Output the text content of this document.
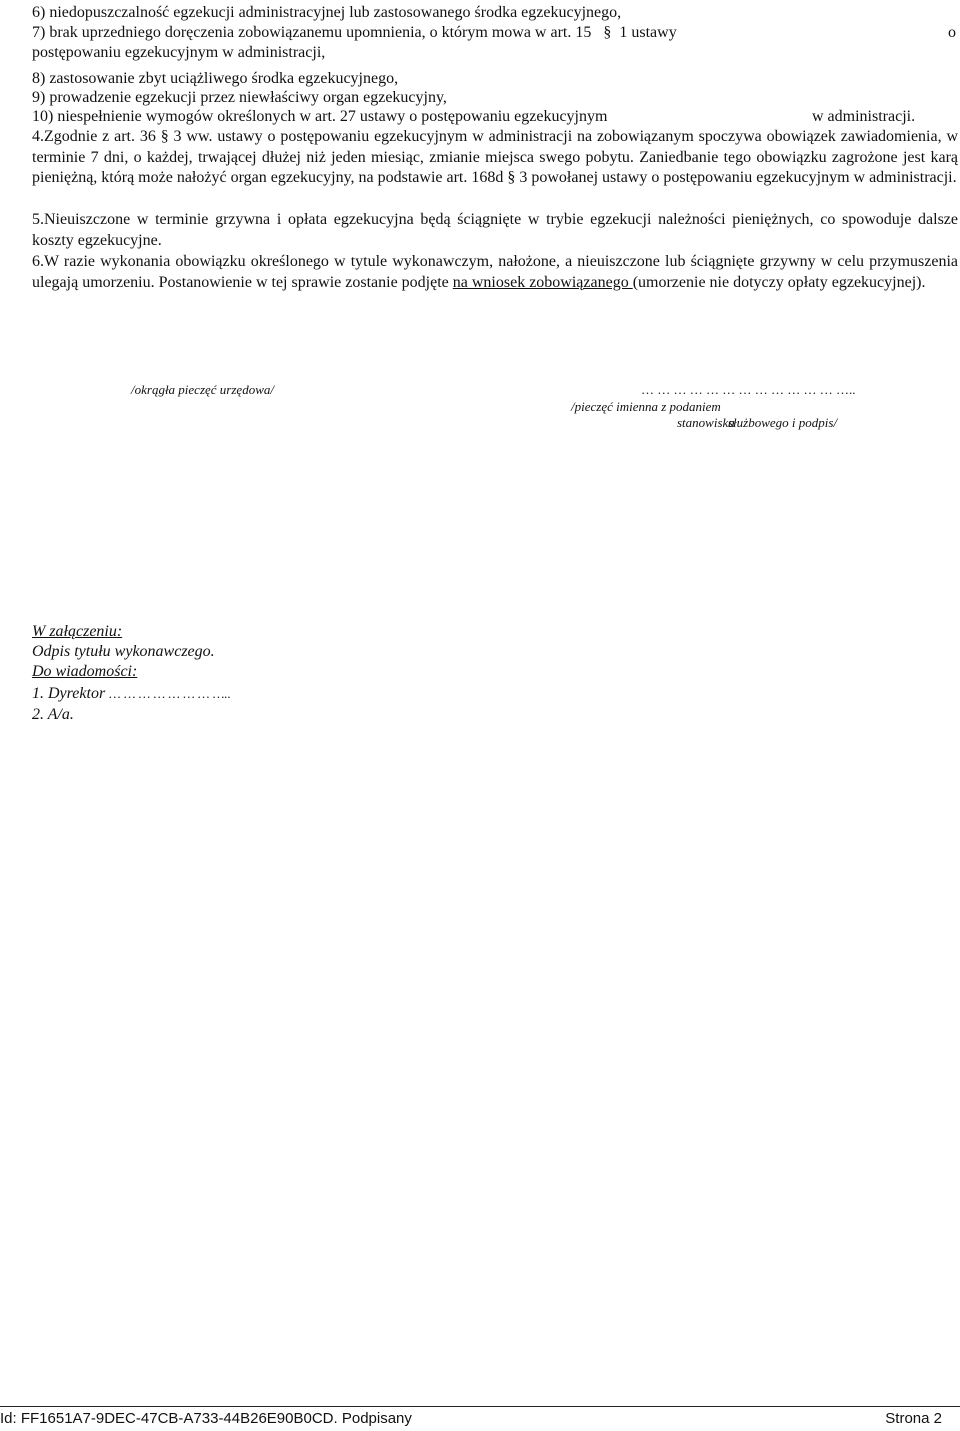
6) niedopuszczalność egzekucji administracyjnej lub zastosowanego środka egzekucyjnego,
7) brak uprzedniego doręczenia zobowiązanemu upomnienia, o którym mowa w art. 15 § 1 ustawy	o
postępowaniu egzekucyjnym w administracji,
8) zastosowanie zbyt uciążliwego środka egzekucyjnego,
9) prowadzenie egzekucji przez niewłaściwy organ egzekucyjny,
10) niespełnienie wymogów określonych w art. 27 ustawy o postępowaniu egzekucyjnym	w administracji.
4.Zgodnie z art. 36 § 3 ww. ustawy o postępowaniu egzekucyjnym w administracji na zobowiązanym spoczywa obowiązek zawiadomienia, w terminie 7 dni, o każdej, trwającej dłużej niż jeden miesiąc, zmianie miejsca swego pobytu. Zaniedbanie tego obowiązku zagrożone jest karą pieniężną, którą może nałożyć organ egzekucyjny, na podstawie art. 168d § 3 powołanej ustawy o postępowaniu egzekucyjnym w administracji.
5.Nieuiszczone w terminie grzywna i opłata egzekucyjna będą ściągnięte w trybie egzekucji należności pieniężnych, co spowoduje dalsze koszty egzekucyjne.
6.W razie wykonania obowiązku określonego w tytule wykonawczym, nałożone, a nieuiszczone lub ściągnięte grzywny w celu przymuszenia ulegają umorzeniu. Postanowienie w tej sprawie zostanie podjęte na wniosek zobowiązanego (umorzenie nie dotyczy opłaty egzekucyjnej).
/okrągła pieczęć urzędowa/	… … … … … … … … … … … … …..
/pieczęć imienna z podaniem
stanowiska
służbowego i podpis/
W załączeniu:
Odpis tytułu wykonawczego.
Do wiadomości:
1. Dyrektor … … … … … … … …..
2. A/a.
Id: FF1651A7-9DEC-47CB-A733-44B26E90B0CD. Podpisany	Strona 2
